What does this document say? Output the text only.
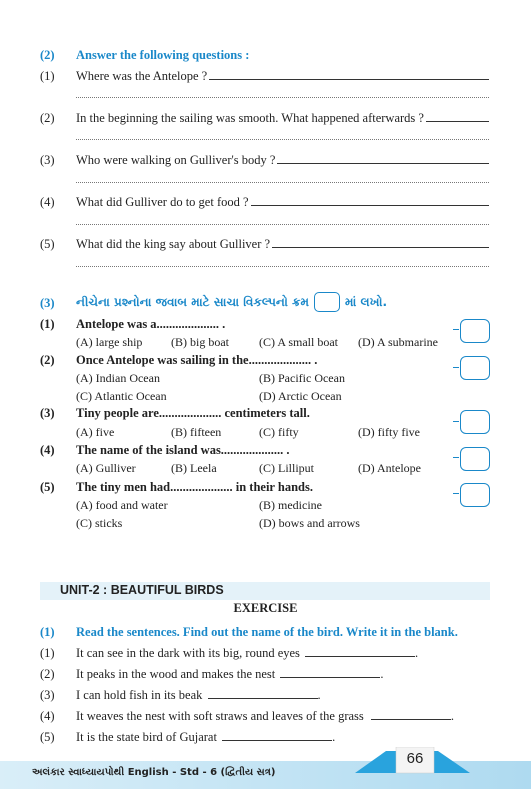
(2) Answer the following questions :
(1) Where was the Antelope ?
(2) In the beginning the sailing was smooth. What happened afterwards ?
(3) Who were walking on Gulliver's body ?
(4) What did Gulliver do to get food ?
(5) What did the king say about Gulliver ?
(3) નીચેના પ્રશ્નોના જવાબ માટે સાચા વિકલ્પનો ક્રમ	માં લખો.
(1) Antelope was a.................... .
(A) large ship (B) big boat	(C) A small boat (D) A submarine
(2) Once Antelope was sailing in the.................... .
(A) Indian Ocean	(B) Pacific Ocean
(C) Atlantic Ocean	(D) Arctic Ocean
(3) Tiny people are.................... centimeters tall.
(A) five	(B) fifteen	(C) fifty	(D) fifty five
(4) The name of the island was.................... .
(A) Gulliver	(B) Leela	(C) Lilliput	(D) Antelope
(5) The tiny men had.................... in their hands.
(A) food and water	(B) medicine
(C) sticks	(D) bows and arrows
UNIT-2 : BEAUTIFUL BIRDS
EXERCISE
(1) Read the sentences. Find out the name of the bird. Write it in the blank.
(1) It can see in the dark with its big, round eyes	.
(2) It peaks in the wood and makes the nest	.
(3) I can hold fish in its beak	.
(4) It weaves the nest with soft straws and leaves of the grass	.
(5) It is the state bird of Gujarat	.
અલંકાર સ્વાધ્યાયપોથી English - Std - 6 (દ્વિતીય સત્ર)
66
